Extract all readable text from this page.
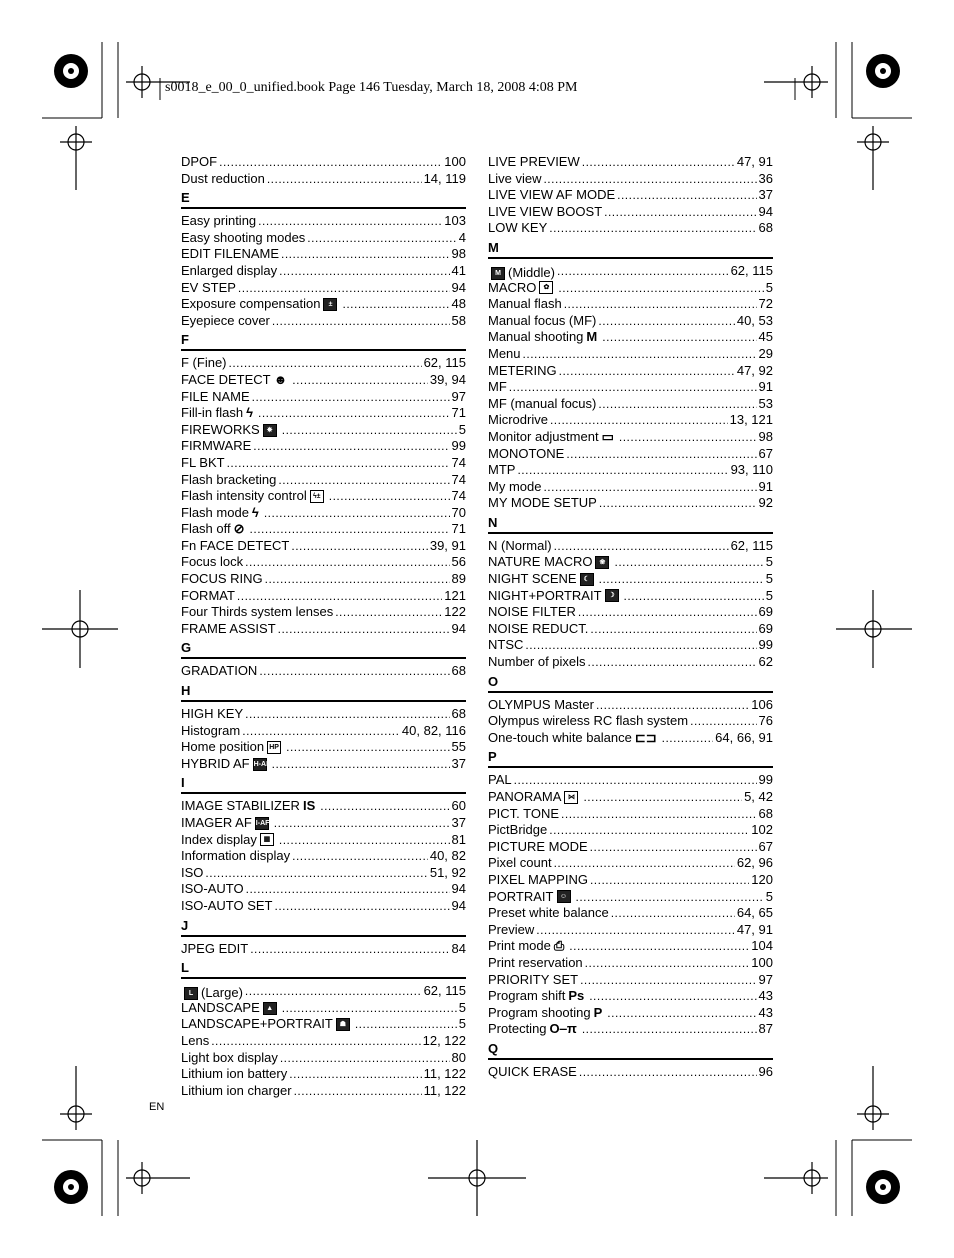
s0018_e_00_0_unified.book Page 146 Tuesday, March 18, 2008 4:08 PM
DPOF .....	100
Dust reduction .....	14, 119
E
Easy printing .....	103
Easy shooting modes .....	4
EDIT FILENAME .....	98
Enlarged display .....	41
EV STEP .....	94
Exposure compensation	± .....	48
Eyepiece cover .....	58
F
F (Fine) .....	62, 115
FACE DETECT ☻ .....	39, 94
FILE NAME .....	97
Fill-in flash ϟ .....	71
FIREWORKS	✸ .....	5
FIRMWARE .....	99
FL BKT .....	74
Flash bracketing .....	74
Flash intensity control ϟ± .....	74
Flash mode ϟ .....	70
Flash off ⊘ .....	71
Fn FACE DETECT .....	39, 91
Focus lock .....	56
FOCUS RING .....	89
FORMAT .....	121
Four Thirds system lenses .....	122
FRAME ASSIST .....	94
G
GRADATION .....	68
H
HIGH KEY .....	68
Histogram .....	40, 82, 116
Home position HP .....	55
HYBRID AF H-AF .....	37
I
IMAGE STABILIZER IS .....	60
IMAGER AF I-AF .....	37
Index display ▦ .....	81
Information display .....	40, 82
ISO .....	51, 92
ISO-AUTO .....	94
ISO-AUTO SET .....	94
J
JPEG EDIT .....	84
L
L (Large) .....	62, 115
LANDSCAPE ▲ .....	5
LANDSCAPE+PORTRAIT ☗ .....	5
Lens .....	12, 122
Light box display .....	80
Lithium ion battery .....	11, 122
Lithium ion charger .....	11, 122
LIVE PREVIEW .....	47, 91
Live view .....	36
LIVE VIEW AF MODE .....	37
LIVE VIEW BOOST .....	94
LOW KEY .....	68
M
M (Middle) .....	62, 115
MACRO	✿ .....	5
Manual flash .....	72
Manual focus (MF) .....	40, 53
Manual shooting M .....	45
Menu .....	29
METERING .....	47, 92
MF .....	91
MF (manual focus) .....	53
Microdrive .....	13, 121
Monitor adjustment ▭ .....	98
MONOTONE .....	67
MTP .....	93, 110
My mode .....	91
MY MODE SETUP .....	92
N
N (Normal) .....	62, 115
NATURE MACRO	❀ .....	5
NIGHT SCENE ☾ .....	5
NIGHT+PORTRAIT ☽ .....	5
NOISE FILTER .....	69
NOISE REDUCT. .....	69
NTSC .....	99
Number of pixels .....	62
O
OLYMPUS Master .....	106
Olympus wireless RC flash system .....	76
One-touch white balance ⊏⊐ .....	64, 66, 91
P
PAL .....	99
PANORAMA ⋈ .....	5, 42
PICT. TONE .....	68
PictBridge .....	102
PICTURE MODE .....	67
Pixel count .....	62, 96
PIXEL MAPPING .....	120
PORTRAIT ☺ .....	5
Preset white balance .....	64, 65
Preview .....	47, 91
Print mode ⎙ .....	104
Print reservation .....	100
PRIORITY SET .....	97
Program shift Ps .....	43
Program shooting P .....	43
Protecting O‒π .....	87
Q
QUICK ERASE .....	96
EN
